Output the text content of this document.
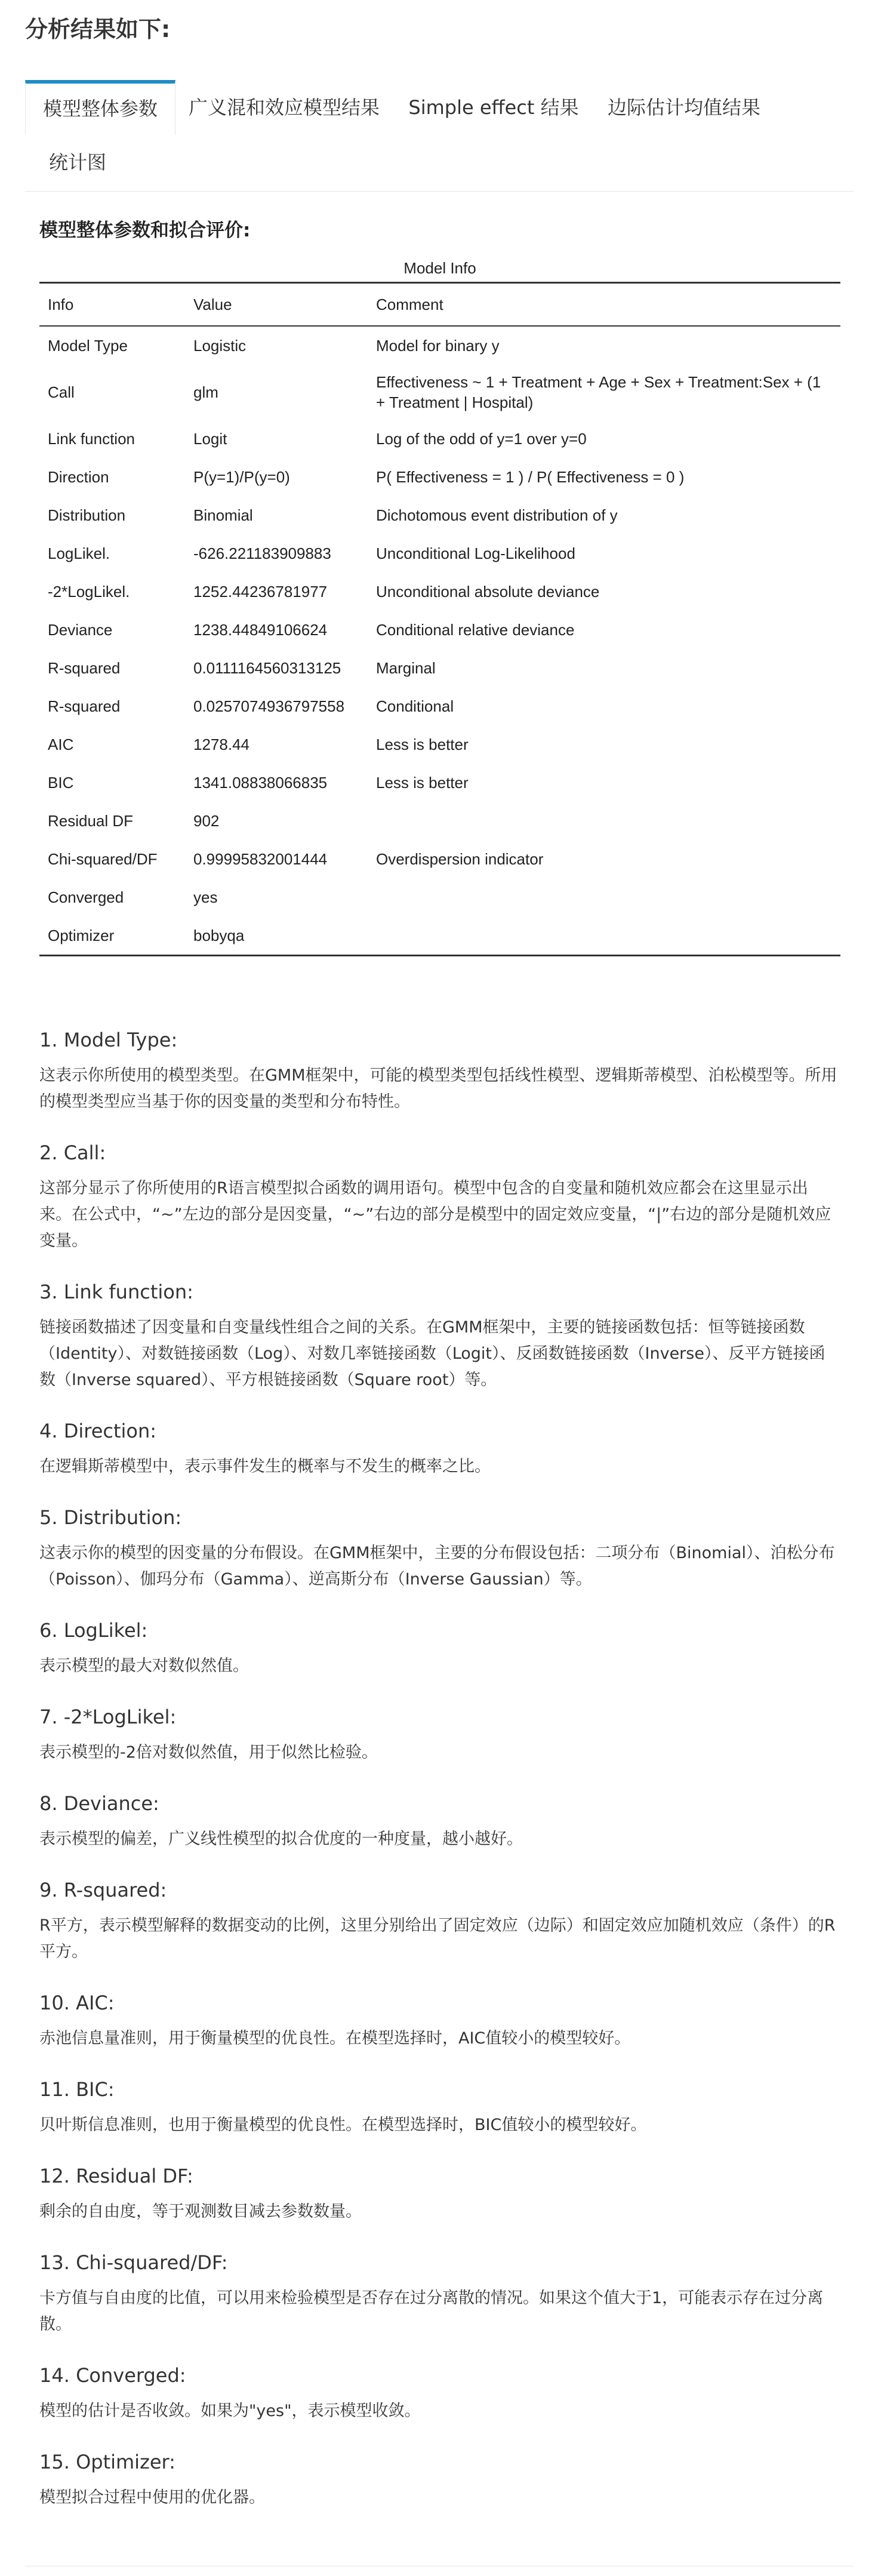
分析结果如下:
模型整体参数	广义混和效应模型结果	Simple effect 结果	边际估计均值结果
统计图
模型整体参数和拟合评价:
Model Info
Info	Value	Comment
Model Type	Logistic	Model for binary y
Call	glm	Effectiveness ~ 1 + Treatment + Age + Sex + Treatment:Sex + (1 + Treatment | Hospital)
Link function	Logit	Log of the odd of y=1 over y=0
Direction	P(y=1)/P(y=0)	P( Effectiveness = 1 ) / P( Effectiveness = 0 )
Distribution	Binomial	Dichotomous event distribution of y
LogLikel.	-626.221183909883	Unconditional Log-Likelihood
-2*LogLikel.	1252.44236781977	Unconditional absolute deviance
Deviance	1238.44849106624	Conditional relative deviance
R-squared	0.0111164560313125	Marginal
R-squared	0.0257074936797558	Conditional
AIC	1278.44	Less is better
BIC	1341.08838066835	Less is better
Residual DF	902	
Chi-squared/DF	0.99995832001444	Overdispersion indicator
Converged	yes	
Optimizer	bobyqa	
1. Model Type:

这表示你所使用的模型类型。在GMM框架中，可能的模型类型包括线性模型、逻辑斯蒂模型、泊松模型等。所用的模型类型应当基于你的因变量的类型和分布特性。

2. Call:

这部分显示了你所使用的R语言模型拟合函数的调用语句。模型中包含的自变量和随机效应都会在这里显示出来。在公式中，“~”左边的部分是因变量，“~”右边的部分是模型中的固定效应变量，“|”右边的部分是随机效应变量。

3. Link function:

链接函数描述了因变量和自变量线性组合之间的关系。在GMM框架中，主要的链接函数包括：恒等链接函数（Identity）、对数链接函数（Log）、对数几率链接函数（Logit）、反函数链接函数（Inverse）、反平方链接函数（Inverse squared）、平方根链接函数（Square root）等。

4. Direction:

在逻辑斯蒂模型中，表示事件发生的概率与不发生的概率之比。

5. Distribution:

这表示你的模型的因变量的分布假设。在GMM框架中，主要的分布假设包括：二项分布（Binomial）、泊松分布（Poisson）、伽玛分布（Gamma）、逆高斯分布（Inverse Gaussian）等。

6. LogLikel:

表示模型的最大对数似然值。

7. -2*LogLikel:

表示模型的-2倍对数似然值，用于似然比检验。

8. Deviance:

表示模型的偏差，广义线性模型的拟合优度的一种度量，越小越好。

9. R-squared:

R平方，表示模型解释的数据变动的比例，这里分别给出了固定效应（边际）和固定效应加随机效应（条件）的R平方。

10. AIC:

赤池信息量准则，用于衡量模型的优良性。在模型选择时，AIC值较小的模型较好。

11. BIC:

贝叶斯信息准则，也用于衡量模型的优良性。在模型选择时，BIC值较小的模型较好。

12. Residual DF:

剩余的自由度，等于观测数目减去参数数量。

13. Chi-squared/DF:

卡方值与自由度的比值，可以用来检验模型是否存在过分离散的情况。如果这个值大于1，可能表示存在过分离散。

14. Converged:

模型的估计是否收敛。如果为"yes"，表示模型收敛。

15. Optimizer:

模型拟合过程中使用的优化器。
